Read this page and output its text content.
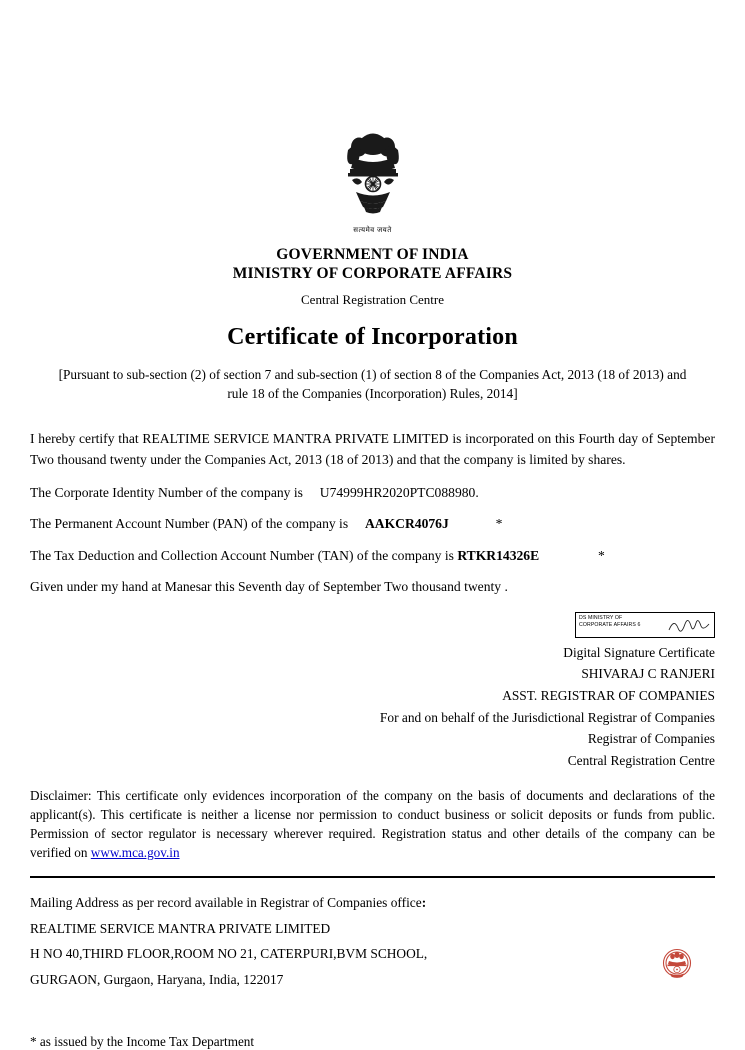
सत्यमेव जयते
GOVERNMENT OF INDIA
MINISTRY OF CORPORATE AFFAIRS
Central Registration Centre
Certificate of Incorporation
[Pursuant to sub-section (2) of section 7 and sub-section (1) of section 8 of the Companies Act, 2013 (18 of 2013) and
rule 18 of the Companies (Incorporation) Rules, 2014]
I hereby certify that REALTIME SERVICE MANTRA PRIVATE LIMITED is incorporated on this Fourth day of September Two thousand twenty under the Companies Act, 2013 (18 of 2013) and that the company is limited by shares.
The Corporate Identity Number of the company is U74999HR2020PTC088980.
The Permanent Account Number (PAN) of the company is AAKCR4076J	*
The Tax Deduction and Collection Account Number (TAN) of the company is RTKR14326E	*
Given under my hand at Manesar this Seventh day of September Two thousand twenty .
DS MINISTRY OF
CORPORATE AFFAIRS 6
Digital Signature Certificate
SHIVARAJ C RANJERI
ASST. REGISTRAR OF COMPANIES
For and on behalf of the Jurisdictional Registrar of Companies
Registrar of Companies
Central Registration Centre
Disclaimer: This certificate only evidences incorporation of the company on the basis of documents and declarations of the applicant(s). This certificate is neither a license nor permission to conduct business or solicit deposits or funds from public. Permission of sector regulator is necessary wherever required. Registration status and other details of the company can be verified on www.mca.gov.in
Mailing Address as per record available in Registrar of Companies office:
REALTIME SERVICE MANTRA PRIVATE LIMITED
H NO 40,THIRD FLOOR,ROOM NO 21, CATERPURI,BVM SCHOOL,
GURGAON, Gurgaon, Haryana, India, 122017
* as issued by the Income Tax Department
